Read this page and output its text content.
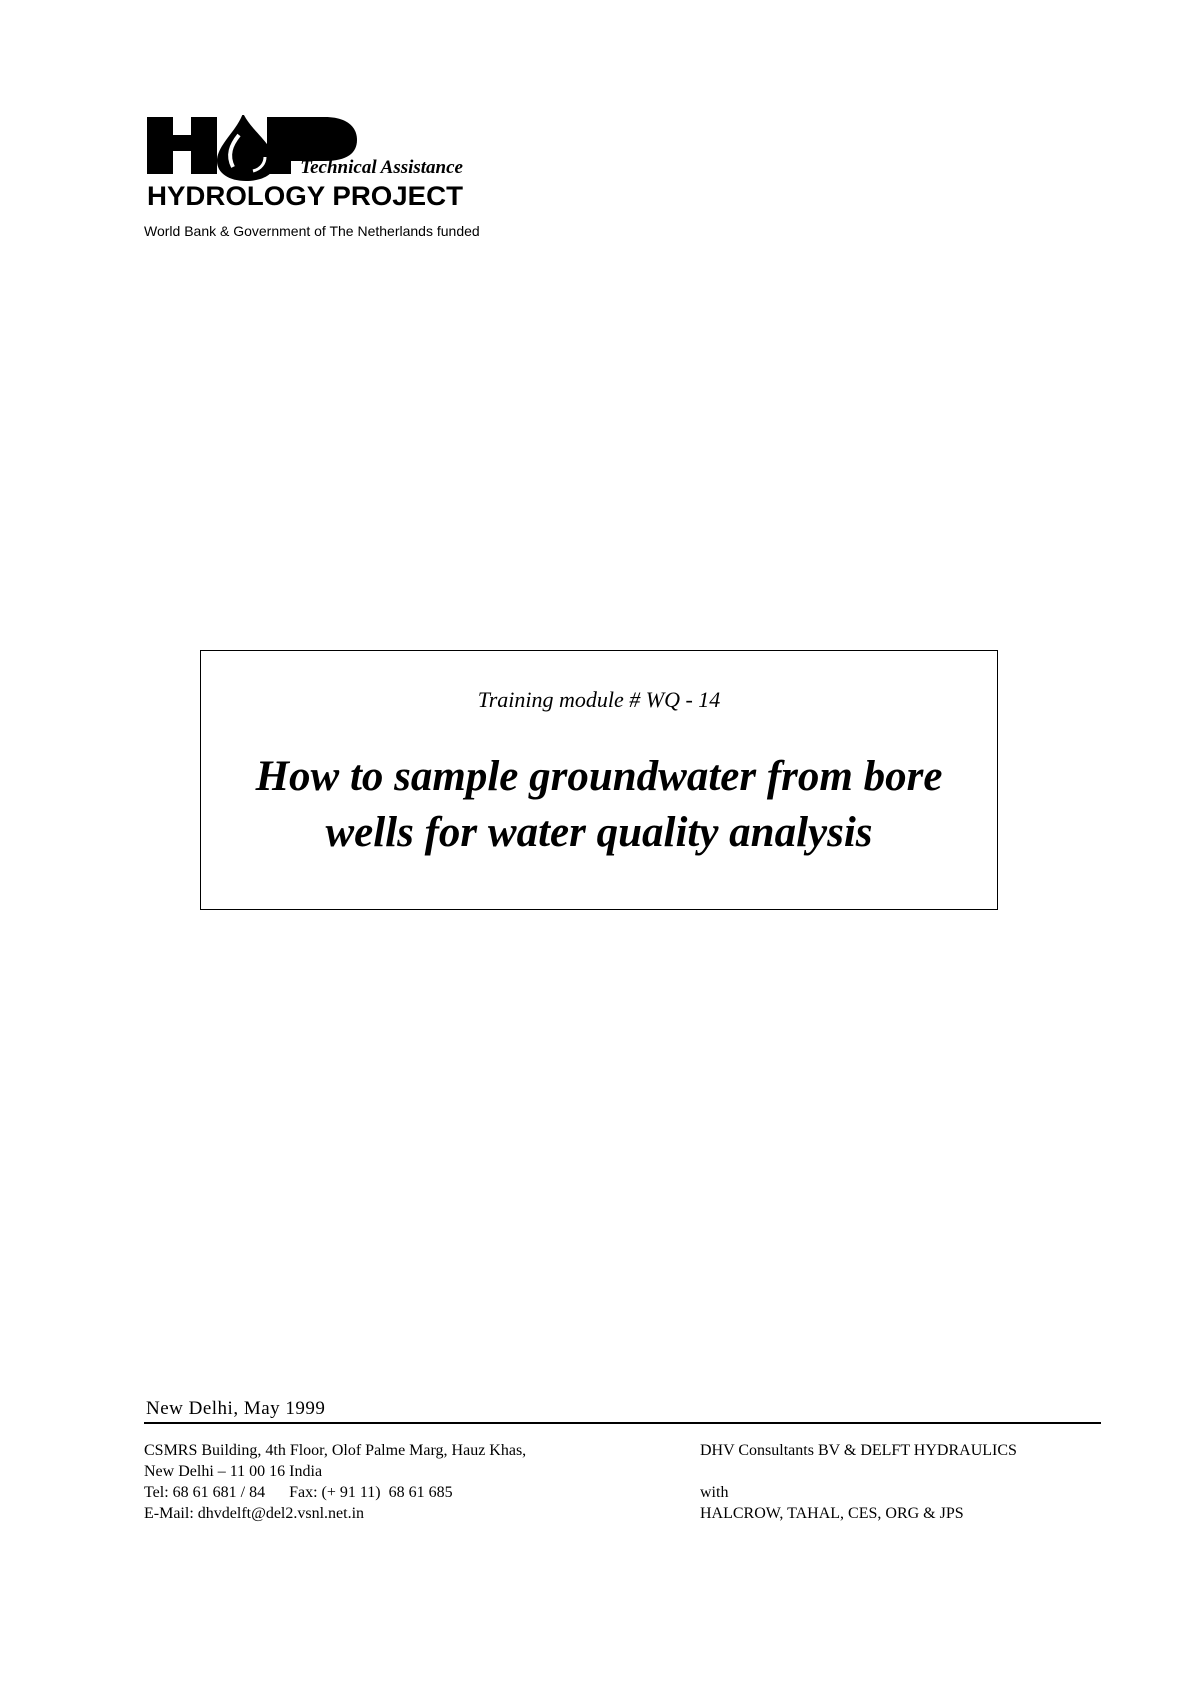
Technical Assistance
HYDROLOGY PROJECT
World Bank & Government of The Netherlands funded
Training module # WQ - 14
How to sample groundwater from bore
wells for water quality analysis
New Delhi, May 1999
CSMRS Building, 4th Floor, Olof Palme Marg, Hauz Khas,
New Delhi – 11 00 16 India
Tel: 68 61 681 / 84      Fax: (+ 91 11)  68 61 685
E-Mail: dhvdelft@del2.vsnl.net.in
DHV Consultants BV & DELFT HYDRAULICS
with
HALCROW, TAHAL, CES, ORG & JPS
